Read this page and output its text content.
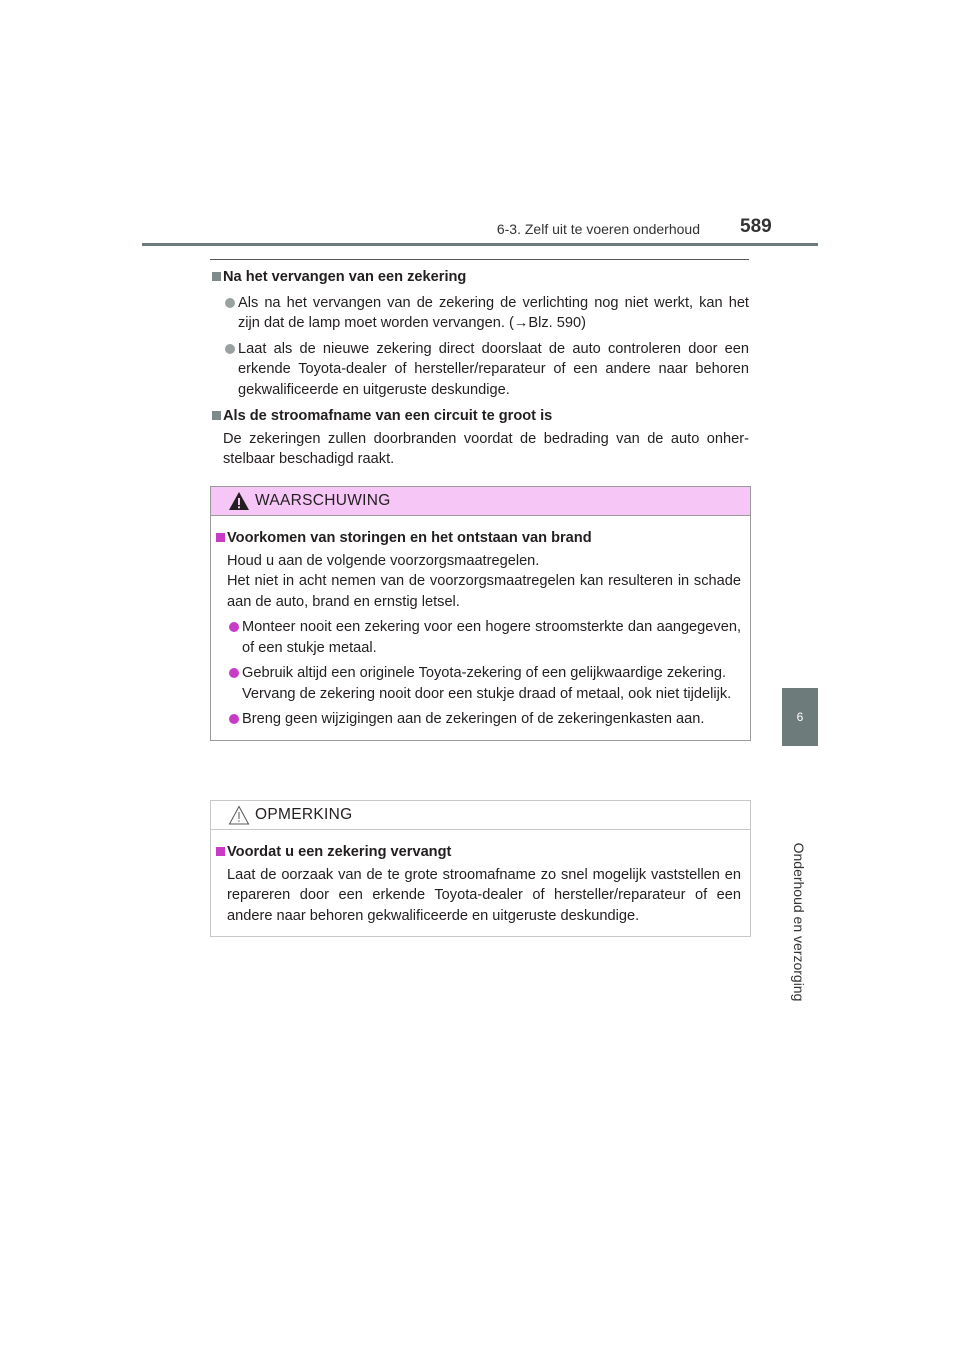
6-3. Zelf uit te voeren onderhoud 589
6
Onderhoud en verzorging

Na het vervangen van een zekering

Als na het vervangen van de zekering de verlichting nog niet werkt, kan het zijn dat de lamp moet worden vervangen. (→Blz. 590)

Laat als de nieuwe zekering direct doorslaat de auto controleren door een erkende Toyota-dealer of hersteller/reparateur of een andere naar behoren gekwalificeerde en uitgeruste deskundige.

Als de stroomafname van een circuit te groot is

De zekeringen zullen doorbranden voordat de bedrading van de auto onherstelbaar beschadigd raakt.

WAARSCHUWING

Voorkomen van storingen en het ontstaan van brand

Houd u aan de volgende voorzorgsmaatregelen.

Het niet in acht nemen van de voorzorgsmaatregelen kan resulteren in schade aan de auto, brand en ernstig letsel.

Monteer nooit een zekering voor een hogere stroomsterkte dan aangegeven, of een stukje metaal.

Gebruik altijd een originele Toyota-zekering of een gelijkwaardige zekering.
Vervang de zekering nooit door een stukje draad of metaal, ook niet tijdelijk.

Breng geen wijzigingen aan de zekeringen of de zekeringenkasten aan.

OPMERKING

Voordat u een zekering vervangt

Laat de oorzaak van de te grote stroomafname zo snel mogelijk vaststellen en repareren door een erkende Toyota-dealer of hersteller/reparateur of een andere naar behoren gekwalificeerde en uitgeruste deskundige.
